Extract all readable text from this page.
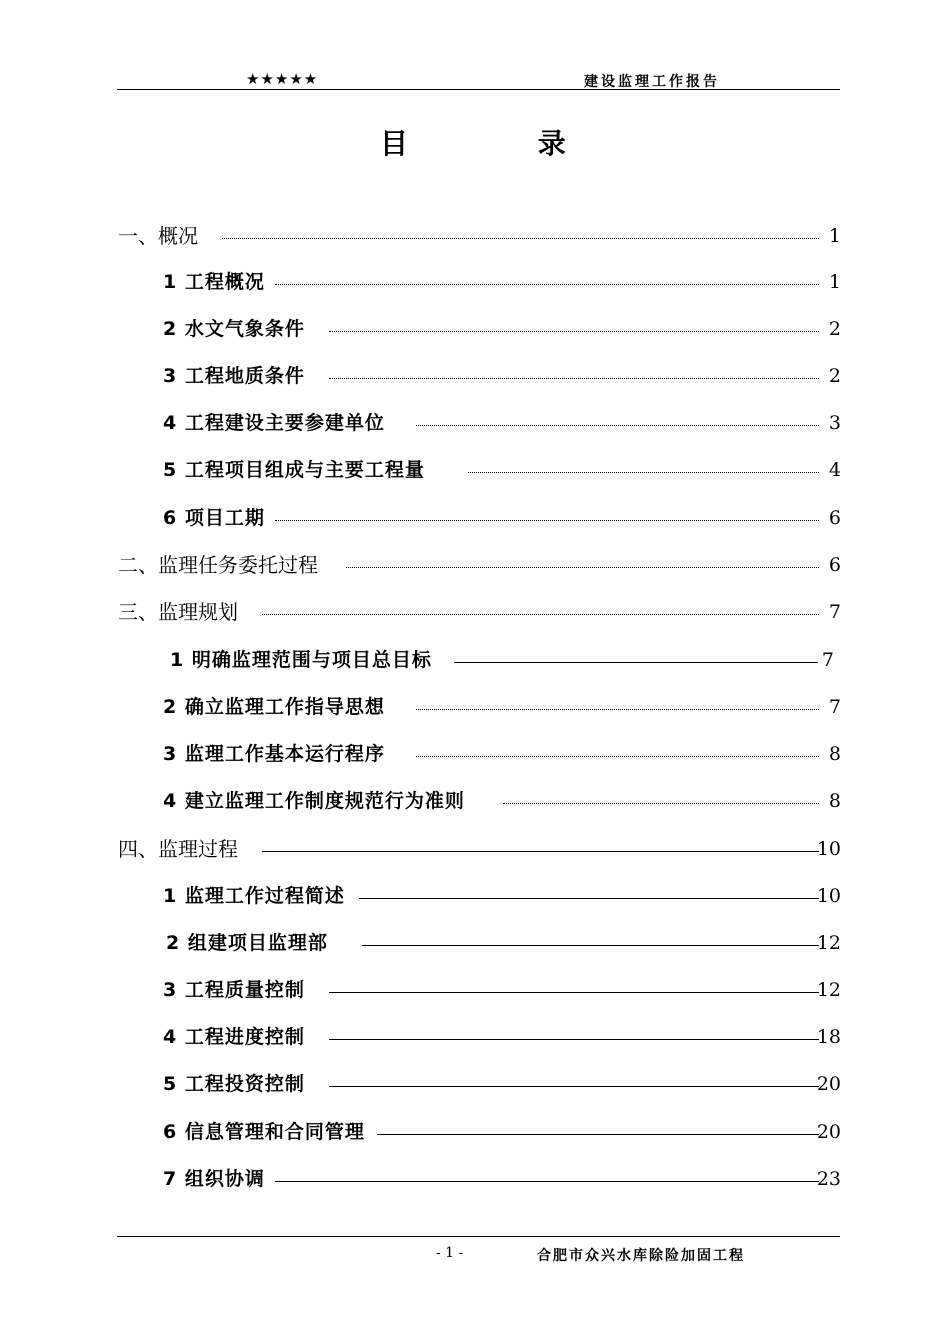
★★★★★	建设监理工作报告
目 录
一、概况	1
1 工程概况	1
2 水文气象条件	2
3 工程地质条件	2
4 工程建设主要参建单位	3
5 工程项目组成与主要工程量	4
6 项目工期	6
二、监理任务委托过程	6
三、监理规划	7
1 明确监理范围与项目总目标	7
2 确立监理工作指导思想	7
3 监理工作基本运行程序	8
4 建立监理工作制度规范行为准则	8
四、监理过程	10
1 监理工作过程简述	10
2 组建项目监理部	12
3 工程质量控制	12
4 工程进度控制	18
5 工程投资控制	20
6 信息管理和合同管理	20
7 组织协调	23
- 1 -	合肥市众兴水库除险加固工程
